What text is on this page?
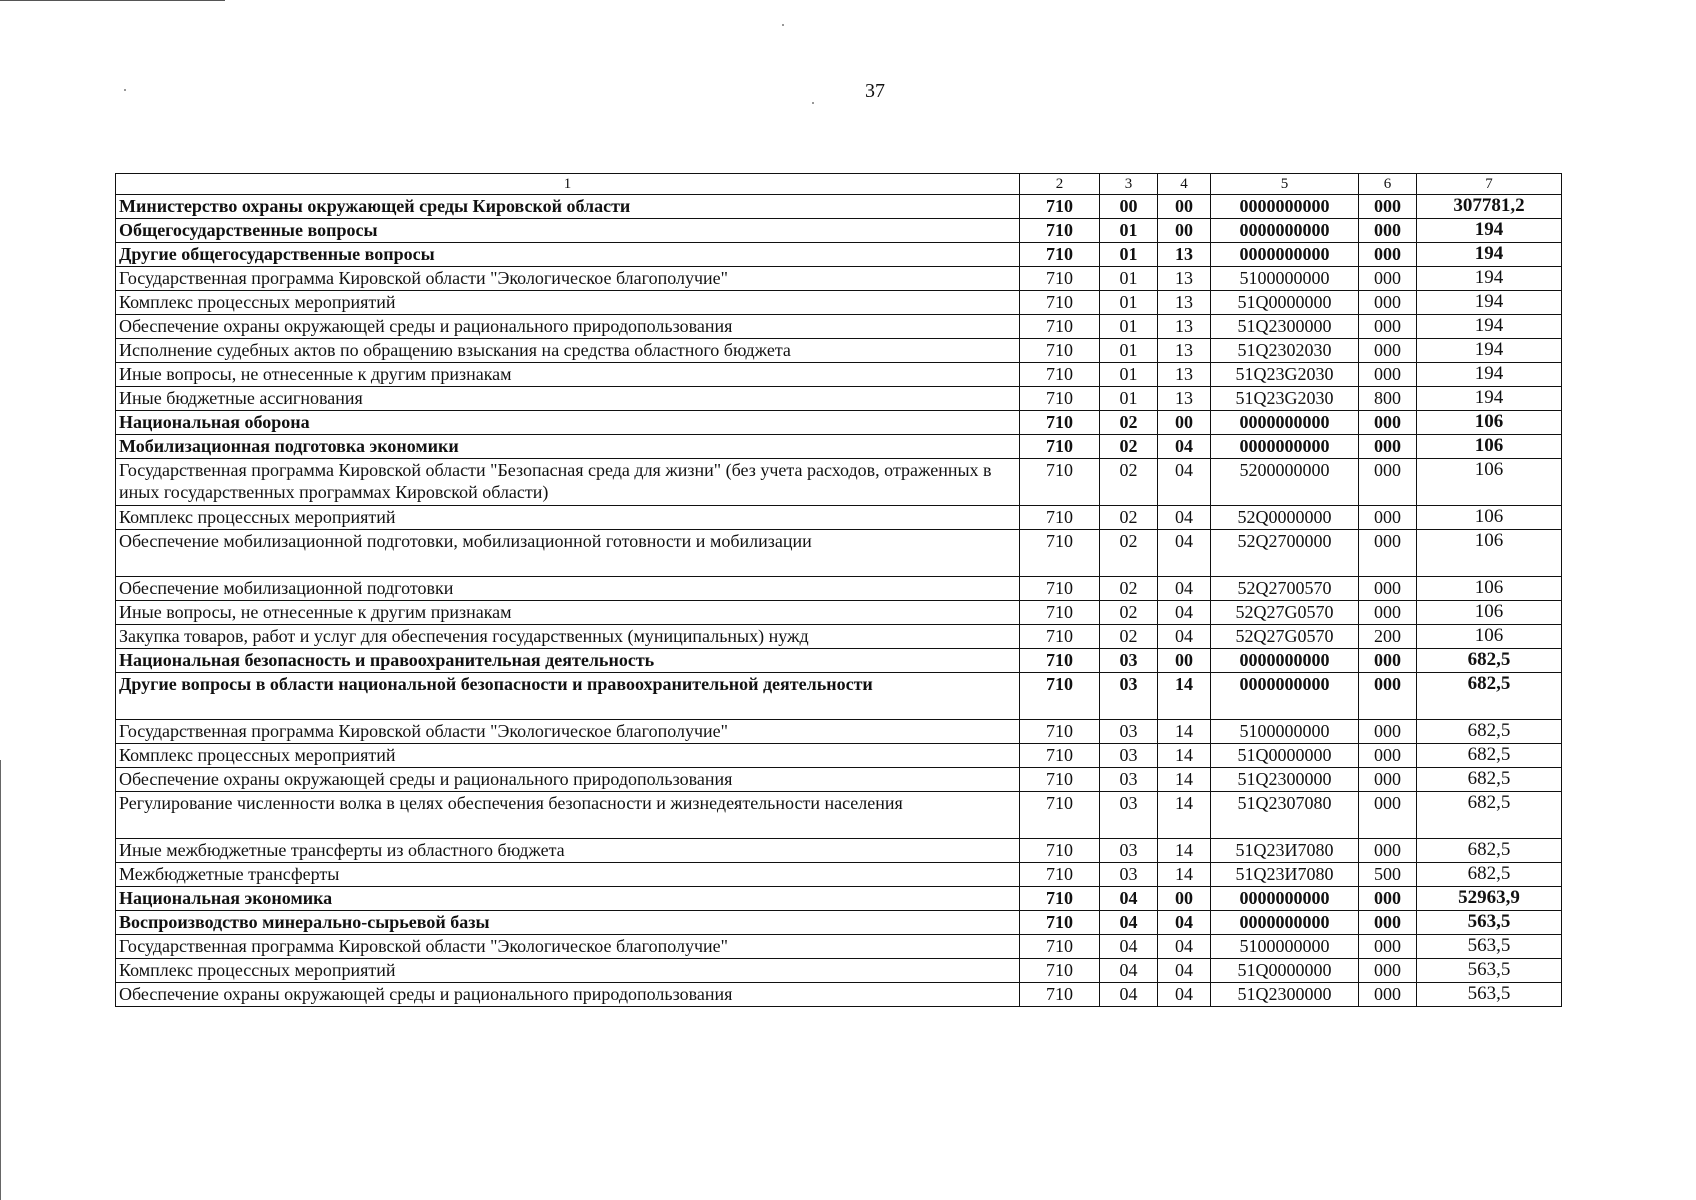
37
1	2	3	4	5	6	7
Министерство охраны окружающей среды Кировской области	710	00	00	0000000000	000	307781,2
Общегосударственные вопросы	710	01	00	0000000000	000	194
Другие общегосударственные вопросы	710	01	13	0000000000	000	194
Государственная программа Кировской области "Экологическое благополучие"	710	01	13	5100000000	000	194
Комплекс процессных мероприятий	710	01	13	51Q0000000	000	194
Обеспечение охраны окружающей среды и рационального природопользования	710	01	13	51Q2300000	000	194
Исполнение судебных актов по обращению взыскания на средства областного бюджета	710	01	13	51Q2302030	000	194
Иные вопросы, не отнесенные к другим признакам	710	01	13	51Q23G2030	000	194
Иные бюджетные ассигнования	710	01	13	51Q23G2030	800	194
Национальная оборона	710	02	00	0000000000	000	106
Мобилизационная подготовка экономики	710	02	04	0000000000	000	106
Государственная программа Кировской области "Безопасная среда для жизни" (без учета расходов, отраженных в иных государственных программах Кировской области)	710	02	04	5200000000	000	106
Комплекс процессных мероприятий	710	02	04	52Q0000000	000	106
Обеспечение мобилизационной подготовки, мобилизационной готовности и мобилизации	710	02	04	52Q2700000	000	106
Обеспечение мобилизационной подготовки	710	02	04	52Q2700570	000	106
Иные вопросы, не отнесенные к другим признакам	710	02	04	52Q27G0570	000	106
Закупка товаров, работ и услуг для обеспечения государственных (муниципальных) нужд	710	02	04	52Q27G0570	200	106
Национальная безопасность и правоохранительная деятельность	710	03	00	0000000000	000	682,5
Другие вопросы в области национальной безопасности и правоохранительной деятельности	710	03	14	0000000000	000	682,5
Государственная программа Кировской области "Экологическое благополучие"	710	03	14	5100000000	000	682,5
Комплекс процессных мероприятий	710	03	14	51Q0000000	000	682,5
Обеспечение охраны окружающей среды и рационального природопользования	710	03	14	51Q2300000	000	682,5
Регулирование численности волка в целях обеспечения безопасности и жизнедеятельности населения	710	03	14	51Q2307080	000	682,5
Иные межбюджетные трансферты из областного бюджета	710	03	14	51Q23И7080	000	682,5
Межбюджетные трансферты	710	03	14	51Q23И7080	500	682,5
Национальная экономика	710	04	00	0000000000	000	52963,9
Воспроизводство минерально-сырьевой базы	710	04	04	0000000000	000	563,5
Государственная программа Кировской области "Экологическое благополучие"	710	04	04	5100000000	000	563,5
Комплекс процессных мероприятий	710	04	04	51Q0000000	000	563,5
Обеспечение охраны окружающей среды и рационального природопользования	710	04	04	51Q2300000	000	563,5
